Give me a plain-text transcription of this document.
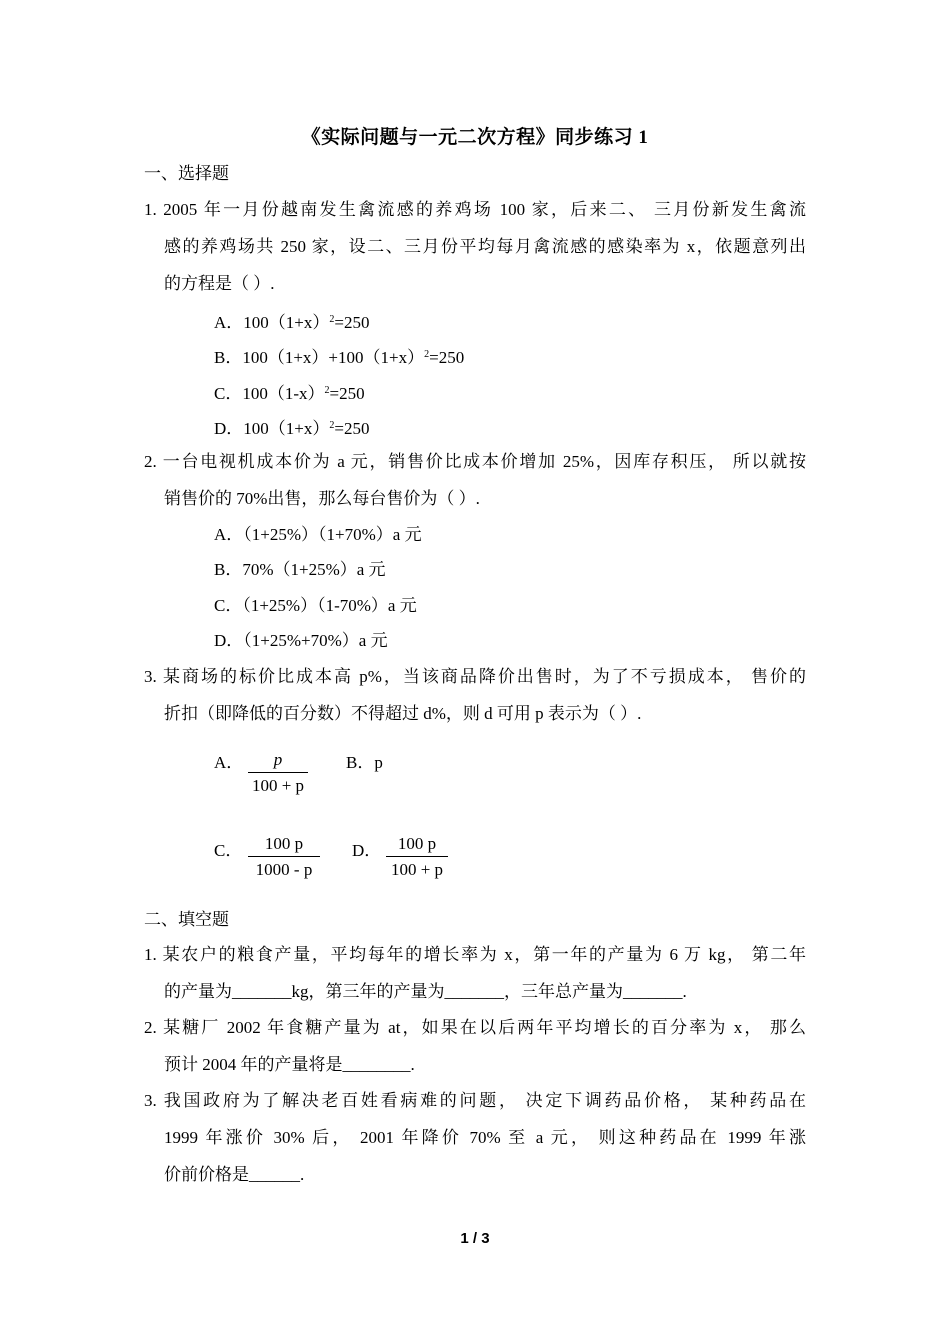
《实际问题与一元二次方程》同步练习 1
一、选择题
1. 2005 年一月份越南发生禽流感的养鸡场 100 家，后来二、 三月份新发生禽流
感的养鸡场共 250 家，设二、三月份平均每月禽流感的感染率为 x，依题意列出
的方程是（ ）.
A．$100(1+x)^2=250$
B．$100(1+x)+100(1+x)^2=250$
C．$100(1-x)^2=250$
D．$100(1+x)^2=250$
2. 一台电视机成本价为 a 元，销售价比成本价增加 25%，因库存积压， 所以就按
销售价的 70%出售，那么每台售价为（ ）.
A．（1+25%）（1+70%）a 元
B．70%（1+25%）a 元
C．（1+25%）（1-70%）a 元
D．（1+25%+70%）a 元
3. 某商场的标价比成本高 p%，当该商品降价出售时，为了不亏损成本， 售价的
折扣（即降低的百分数）不得超过 d%，则 d 可用 p 表示为（ ）.
A．	p
100 + p
B．p
C．	100 p
1000 - p
D． 100 p
100 + p
二、填空题
1. 某农户的粮食产量，平均每年的增长率为 x，第一年的产量为 6 万 kg， 第二年
的产量为_______kg，第三年的产量为_______，三年总产量为_______.
2. 某糖厂 2002 年食糖产量为 at，如果在以后两年平均增长的百分率为 x， 那么
预计 2004 年的产量将是________.
3. 我国政府为了解决老百姓看病难的问题， 决定下调药品价格， 某种药品在
1999 年涨价 30% 后， 2001 年降价 70% 至 a 元， 则这种药品在 1999 年涨
价前价格是______.
1 / 3
